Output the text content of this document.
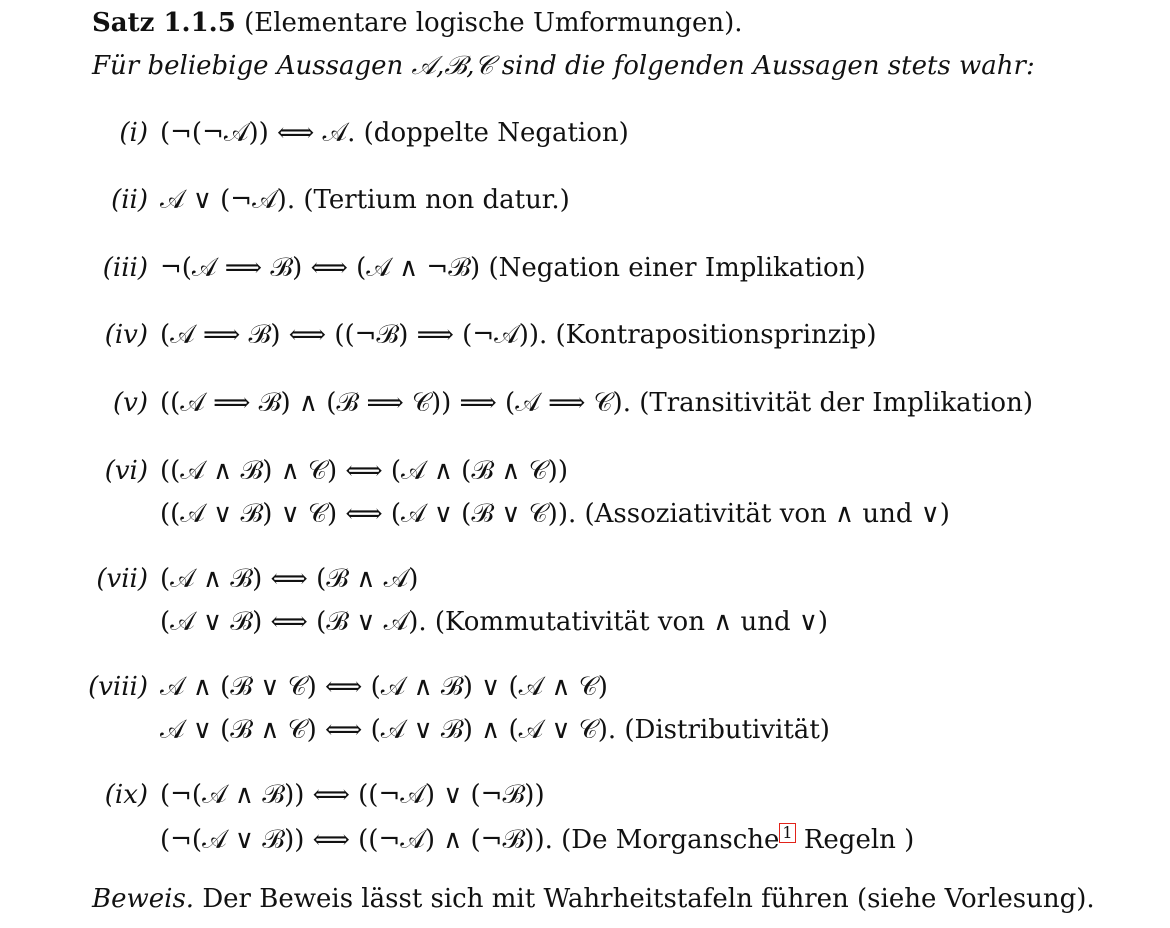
Satz 1.1.5 (Elementare logische Umformungen).
Für beliebige Aussagen 𝒜,ℬ,𝒞 sind die folgenden Aussagen stets wahr:
(i) (¬(¬𝒜)) ⟺ 𝒜. (doppelte Negation)
(ii) 𝒜 ∨ (¬𝒜). (Tertium non datur.)
(iii) ¬(𝒜 ⟹ ℬ) ⟺ (𝒜 ∧ ¬ℬ) (Negation einer Implikation)
(iv) (𝒜 ⟹ ℬ) ⟺ ((¬ℬ) ⟹ (¬𝒜)). (Kontrapositionsprinzip)
(v) ((𝒜 ⟹ ℬ) ∧ (ℬ ⟹ 𝒞)) ⟹ (𝒜 ⟹ 𝒞). (Transitivität der Implikation)
(vi) ((𝒜 ∧ ℬ) ∧ 𝒞) ⟺ (𝒜 ∧ (ℬ ∧ 𝒞))
((𝒜 ∨ ℬ) ∨ 𝒞) ⟺ (𝒜 ∨ (ℬ ∨ 𝒞)). (Assoziativität von ∧ und ∨)
(vii) (𝒜 ∧ ℬ) ⟺ (ℬ ∧ 𝒜)
(𝒜 ∨ ℬ) ⟺ (ℬ ∨ 𝒜). (Kommutativität von ∧ und ∨)
(viii) 𝒜 ∧ (ℬ ∨ 𝒞) ⟺ (𝒜 ∧ ℬ) ∨ (𝒜 ∧ 𝒞)
𝒜 ∨ (ℬ ∧ 𝒞) ⟺ (𝒜 ∨ ℬ) ∧ (𝒜 ∨ 𝒞). (Distributivität)
(ix) (¬(𝒜 ∧ ℬ)) ⟺ ((¬𝒜) ∨ (¬ℬ))
(¬(𝒜 ∨ ℬ)) ⟺ ((¬𝒜) ∧ (¬ℬ)). (De Morgansche 1 Regeln )
Beweis. Der Beweis lässt sich mit Wahrheitstafeln führen (siehe Vorlesung).
